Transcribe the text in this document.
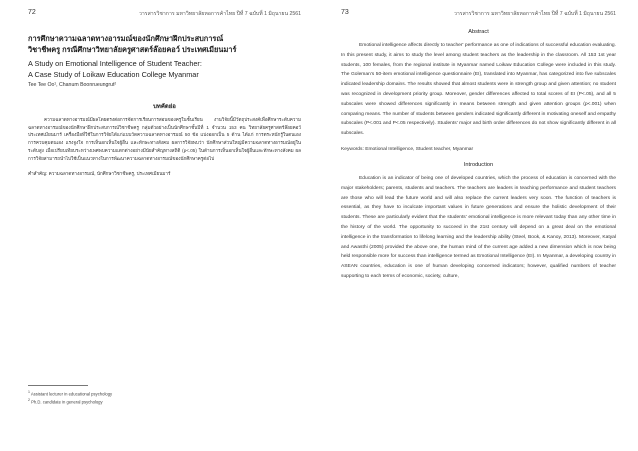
72	วารสารวิชาการ มหาวิทยาลัยหอการค้าไทย ปีที่ 7 ฉบับที่ 1 มิถุนายน 2561
การศึกษาความฉลาดทางอารมณ์ของนักศึกษาฝึกประสบการณ์
วิชาชีพครู กรณีศึกษาวิทยาลัยครูศาสตร์ล๊อยคอว์ ประเทศเมียนมาร์
A Study on Emotional Intelligence of Student Teacher:
A Case Study of Loikaw Education College Myanmar
Tee Tee Oo¹, Chanum Boonrueungrut²
บทคัดย่อ
ความฉลาดทางอารมณ์มีผลโดยตรงต่อการจัดการเรียนการสอนของครูในชั้นเรียน งานวิจัยนี้มีวัตถุประสงค์เพื่อศึกษาระดับความฉลาดทางอารมณ์ของนักศึกษาฝึกประสบการณ์วิชาชีพครู กลุ่มตัวอย่างเป็นนักศึกษาชั้นปีที่ 1 จำนวน 153 คน วิทยาลัยครูศาสตร์ล๊อยคอว์ ประเทศเมียนมาร์ เครื่องมือที่ใช้ในการวิจัยได้แก่แบบวัดความฉลาดทางอารมณ์ 50 ข้อ แบ่งออกเป็น 5 ด้าน ได้แก่ การตระหนักรู้ในตนเอง การควบคุมตนเอง แรงจูงใจ การเห็นอกเห็นใจผู้อื่น และทักษะทางสังคม ผลการวิจัยพบว่า นักศึกษาส่วนใหญ่มีความฉลาดทางอารมณ์อยู่ในระดับสูง เมื่อเปรียบเทียบระหว่างเพศพบความแตกต่างอย่างมีนัยสำคัญทางสถิติ (p<.05) ในด้านการเห็นอกเห็นใจผู้อื่นและทักษะทางสังคม ผลการวิจัยสามารถนำไปใช้เป็นแนวทางในการพัฒนาความฉลาดทางอารมณ์ของนักศึกษาครูต่อไป
คำสำคัญ: ความฉลาดทางอารมณ์, นักศึกษาวิชาชีพครู, ประเทศเมียนมาร์
$^1$ Assistant lecturer in educational psychology
$^2$ Ph.D. candidate in general psychology
73	วารสารวิชาการ มหาวิทยาลัยหอการค้าไทย ปีที่ 7 ฉบับที่ 1 มิถุนายน 2561
Abstract
Emotional intelligence affects directly to teacher' performance as one of indications of successful education evaluating. In this present study, it aims to study the level among student teachers as the leadership in the classroom. All 153 1st year students, 100 females, from the regional institute in Myanmar named Loikaw Education College were included in this study. The Goleman's 50-item emotional intelligence questionnaire (EI), translated into Myanmar, has categorized into five subscales indicated leadership domains. The results showed that almost students were in strength group and given attention; no student was recognized in development priority group. Moreover, gender differences affected to total scores of EI (P<.05), and all 5 subscales were showed differences significantly in means between strength and given attention groups (p<.001) when comparing means. The number of students between genders indicated significantly different in motivating oneself and empathy subscales (P<.001 and P<.05 respectively). Students' major and birth order differences do not show significantly different in all subscales.
Keywords: Emotional Intelligence, Student teacher, Myanmar
Introduction
Education is an indicator of being one of developed countries, which the process of education is concerned with the major stakeholders; parents, students and teachers. The teachers are leaders in teaching performance and student teachers are those who will lead the future world and will also replace the current leaders very soon. The function of teachers is essential, as they have to inculcate important values in future generations and ensure the holistic development of their students. These are particularly evident that the students' emotional intelligence is more relevant today than any other time in the history of the world. The opportunity to succeed in the 21st century will depend on a great deal on the emotional intelligence in the transformation to lifelong learning and the leadership ability (Steel, Book, & Kanoy, 2013). Moreover, Katyal and Awasthi (2005) provided the above one, the human mind of the current age added a new dimension which is now being held responsible more for success than intelligence termed as Emotional Intelligence (EI). In Myanmar, a developing country in ASEAN countries, education is one of human developing concerned indicators; however, qualified numbers of teacher supporting to each terms of economic, society, culture,
